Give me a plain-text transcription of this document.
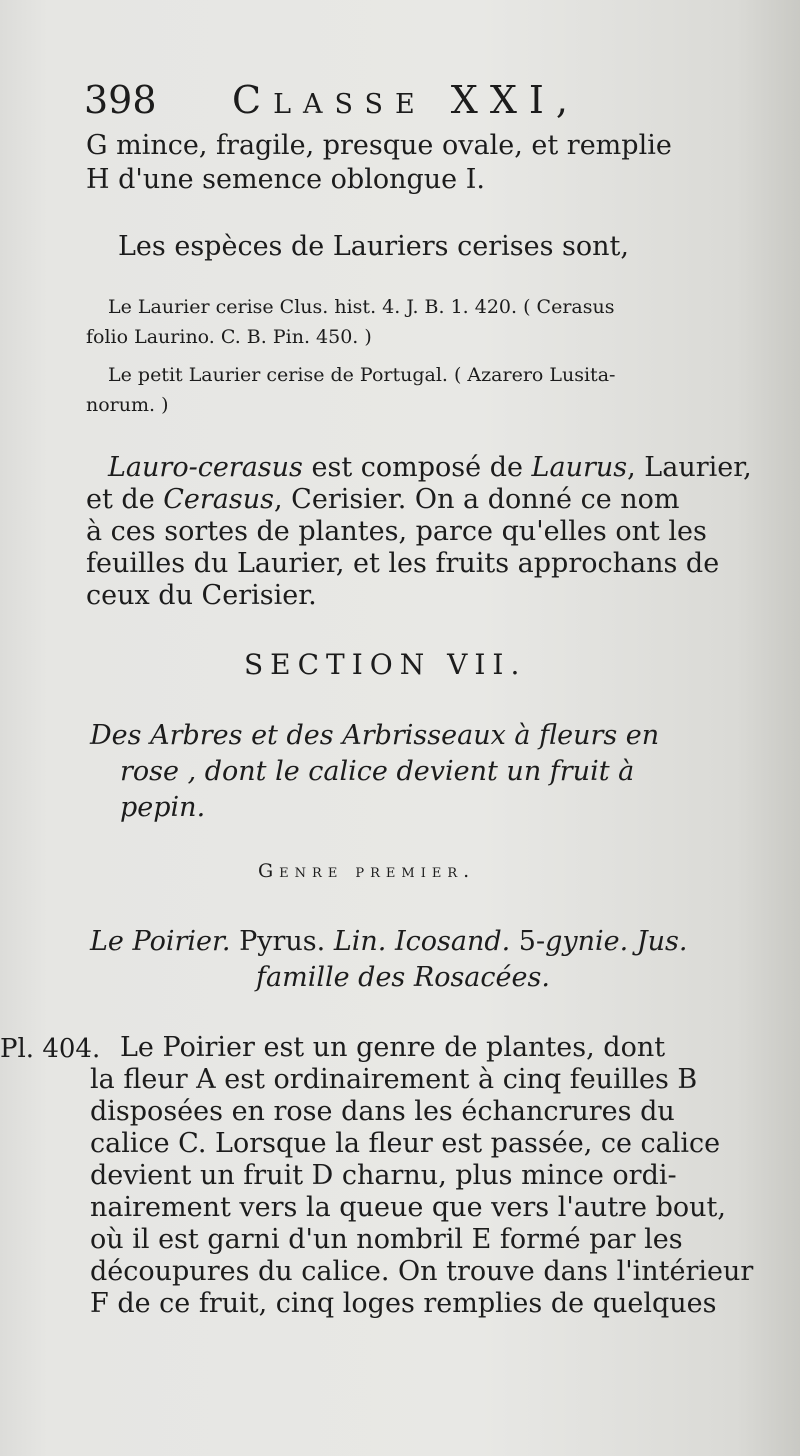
398 Classe XXI,
G mince, fragile, presque ovale, et remplie
H d'une semence oblongue I.
Les espèces de Lauriers cerises sont,
Le Laurier cerise Clus. hist. 4. J. B. 1. 420. ( Cerasus
folio Laurino. C. B. Pin. 450. )
Le petit Laurier cerise de Portugal. ( Azarero Lusita-
norum. )
Lauro-cerasus est composé de Laurus, Laurier,
et de Cerasus, Cerisier. On a donné ce nom
à ces sortes de plantes, parce qu'elles ont les
feuilles du Laurier, et les fruits approchans de
ceux du Cerisier.
SECTION VII.
Des Arbres et des Arbrisseaux à fleurs en
rose , dont le calice devient un fruit à
pepin.
Genre premier.
Le Poirier. Pyrus. Lin. Icosand. 5-gynie. Jus.
famille des Rosacées.
Pl. 404. Le Poirier est un genre de plantes, dont
la fleur A est ordinairement à cinq feuilles B
disposées en rose dans les échancrures du
calice C. Lorsque la fleur est passée, ce calice
devient un fruit D charnu, plus mince ordi-
nairement vers la queue que vers l'autre bout,
où il est garni d'un nombril E formé par les
découpures du calice. On trouve dans l'intérieur
F de ce fruit, cinq loges remplies de quelques
